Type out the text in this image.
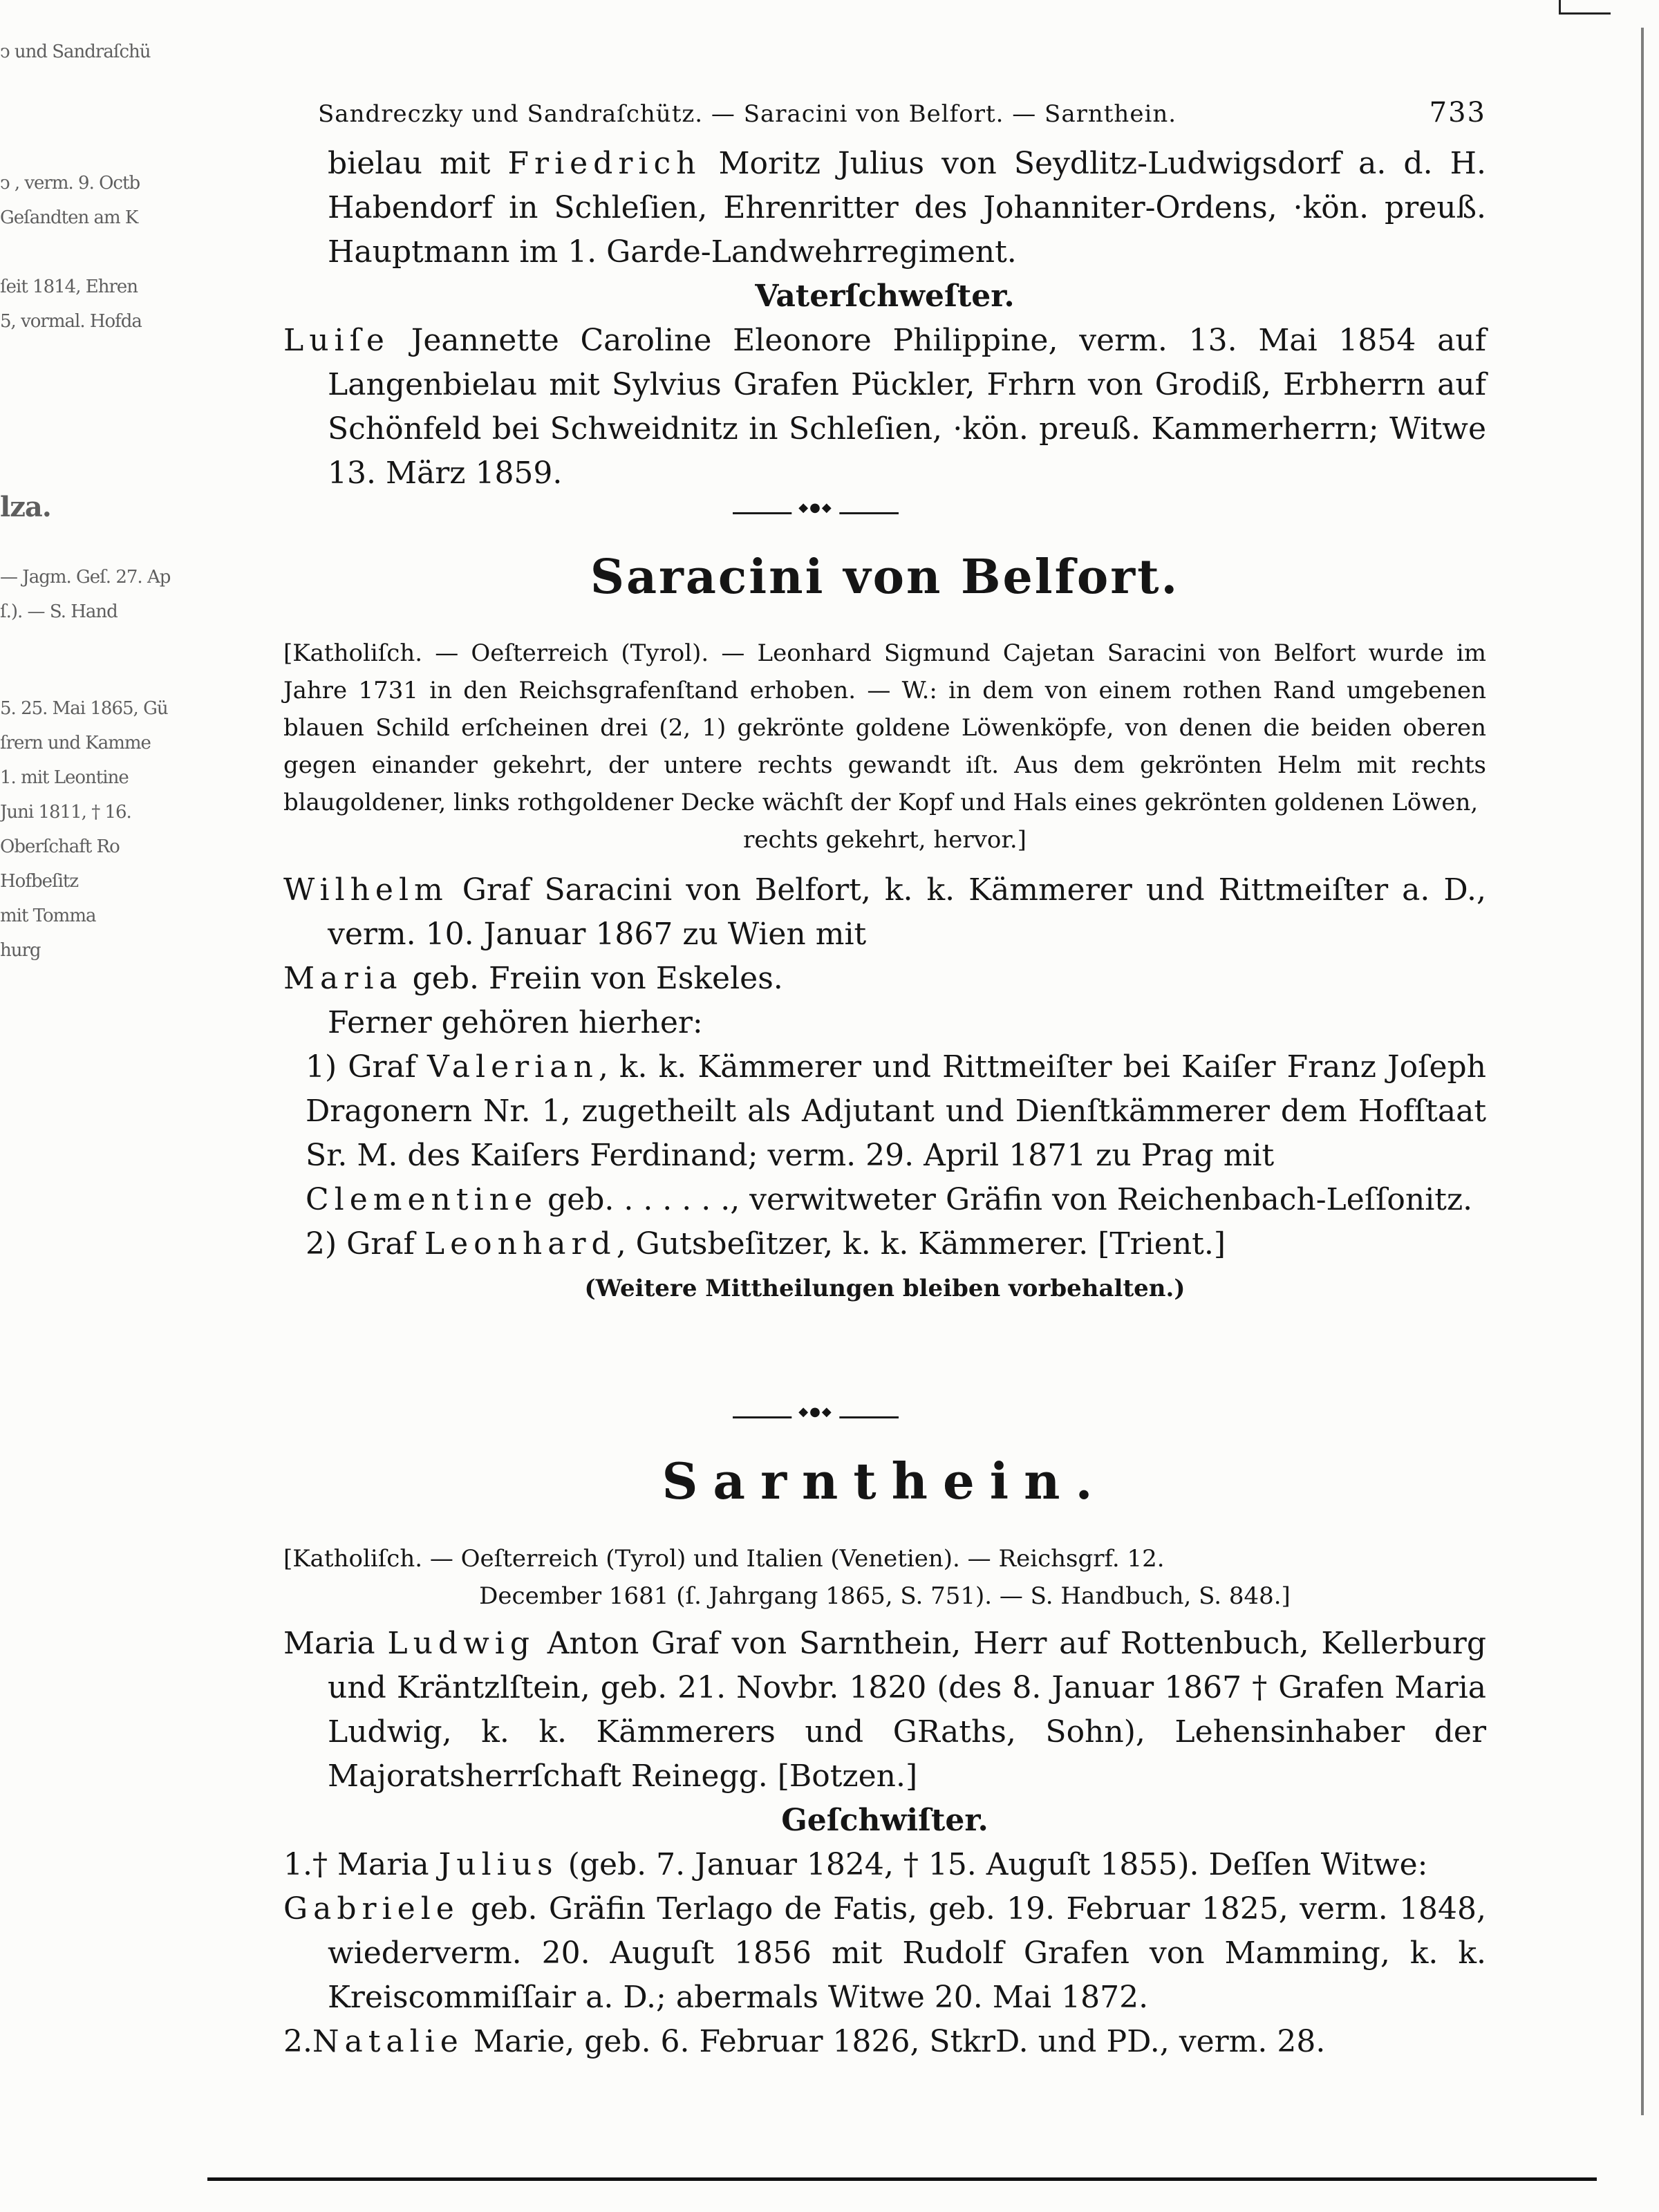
ↄ und Sandraſchü
ↄ , verm. 9. Octb
Geſandten am K
ſeit 1814, Ehren
5, vormal. Hofda
lza.
— Jagm. Geſ. 27. Ap
ſ.). — S. Hand
5. 25. Mai 1865, Gü
ſrern und Kamme
1. mit Leontine
Juni 1811, † 16.
Oberſchaft Ro
Hofbeſitz
mit Tomma
hurg
Sandreczky und Sandraſchütz. — Saracini von Belfort. — Sarnthein.	733

bielau mit Friedrich Moritz Julius von Seydlitz-Ludwigsdorf a. d. H. Habendorf in Schleſien, Ehrenritter des Johanniter-Ordens, ·kön. preuß. Hauptmann im 1. Garde-Landwehrregiment.

Vaterſchweſter.

Luiſe Jeannette Caroline Eleonore Philippine, verm. 13. Mai 1854 auf Langenbielau mit Sylvius Grafen Pückler, Frhrn von Grodiß, Erbherrn auf Schönfeld bei Schweidnitz in Schleſien, ·kön. preuß. Kammerherrn; Witwe 13. März 1859.

◆●◆
Saracini von Belfort.

[Katholiſch. — Oeſterreich (Tyrol). — Leonhard Sigmund Cajetan Saracini von Belfort wurde im Jahre 1731 in den Reichsgrafenſtand erhoben. — W.: in dem von einem rothen Rand umgebenen blauen Schild erſcheinen drei (2, 1) gekrönte goldene Löwenköpfe, von denen die beiden oberen gegen einander gekehrt, der untere rechts gewandt iſt. Aus dem gekrönten Helm mit rechts blaugoldener, links rothgoldener Decke wächſt der Kopf und Hals eines gekrönten goldenen Löwen,
rechts gekehrt, hervor.]

Wilhelm Graf Saracini von Belfort, k. k. Kämmerer und Rittmeiſter a. D., verm. 10. Januar 1867 zu Wien mit

Maria geb. Freiin von Eskeles.

Ferner gehören hierher:

1) Graf Valerian, k. k. Kämmerer und Rittmeiſter bei Kaiſer Franz Joſeph Dragonern Nr. 1, zugetheilt als Adjutant und Dienſtkämmerer dem Hofſtaat Sr. M. des Kaiſers Ferdinand; verm. 29. April 1871 zu Prag mit

Clementine geb. . . . . . ., verwitweter Gräfin von Reichenbach-Leſſonitz.

2) Graf Leonhard, Gutsbeſitzer, k. k. Kämmerer. [Trient.]

(Weitere Mittheilungen bleiben vorbehalten.)

◆●◆
Sarnthein.

[Katholiſch. — Oeſterreich (Tyrol) und Italien (Venetien). — Reichsgrf. 12.
December 1681 (ſ. Jahrgang 1865, S. 751). — S. Handbuch, S. 848.]

Maria Ludwig Anton Graf von Sarnthein, Herr auf Rottenbuch, Kellerburg und Kräntzlſtein, geb. 21. Novbr. 1820 (des 8. Januar 1867 † Grafen Maria Ludwig, k. k. Kämmerers und GRaths, Sohn), Lehensinhaber der Majoratsherrſchaft Reinegg. [Botzen.]

Geſchwiſter.

1.† Maria Julius (geb. 7. Januar 1824, † 15. Auguſt 1855). Deſſen Witwe:

Gabriele geb. Gräfin Terlago de Fatis, geb. 19. Februar 1825, verm. 1848, wiederverm. 20. Auguſt 1856 mit Rudolf Grafen von Mamming, k. k. Kreiscommiſſair a. D.; abermals Witwe 20. Mai 1872.

2.Natalie Marie, geb. 6. Februar 1826, StkrD. und PD., verm. 28.
